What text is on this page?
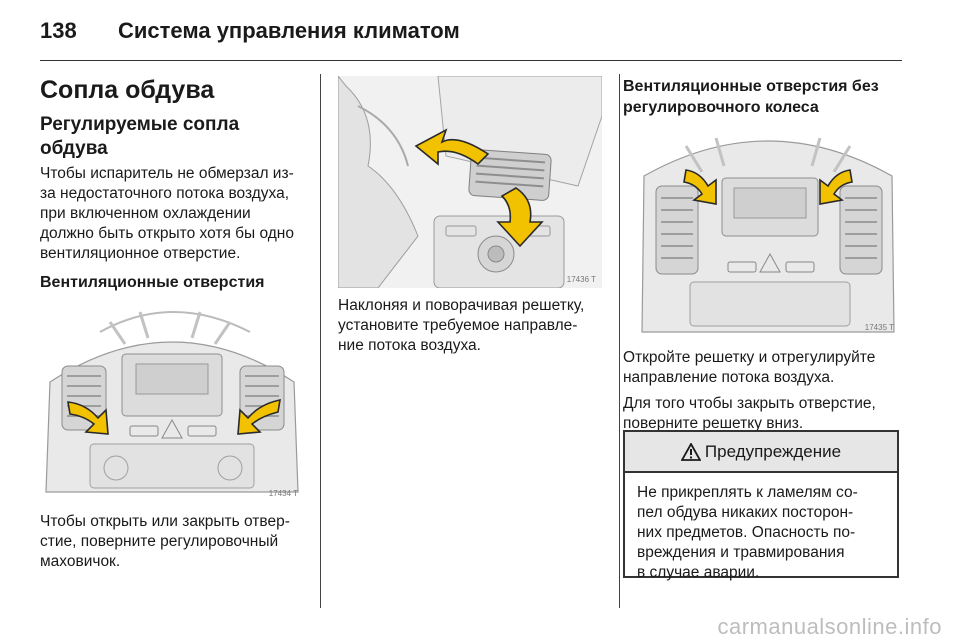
138 Система управления климатом
Сопла обдува
Регулируемые сопла обдува

Чтобы испаритель не обмерзал из-

за недостаточного потока воздуха,

при включенном охлаждении

должно быть открыто хотя бы одно

вентиляционное отверстие.

Вентиляционные отверстия
17434 T

Чтобы открыть или закрыть отвер-

стие, поверните регулировочный

маховичок.

17436 T

Наклоняя и поворачивая решетку,

установите требуемое направле-

ние потока воздуха.

Вентиляционные отверстия без
регулировочного колеса
17435 T

Откройте решетку и отрегулируйте

направление потока воздуха.

Для того чтобы закрыть отверстие,

поверните решетку вниз.

Предупреждение

Не прикреплять к ламелям со-

пел обдува никаких посторон-

них предметов. Опасность по-

вреждения и травмирования

в случае аварии.

carmanualsonline.info
